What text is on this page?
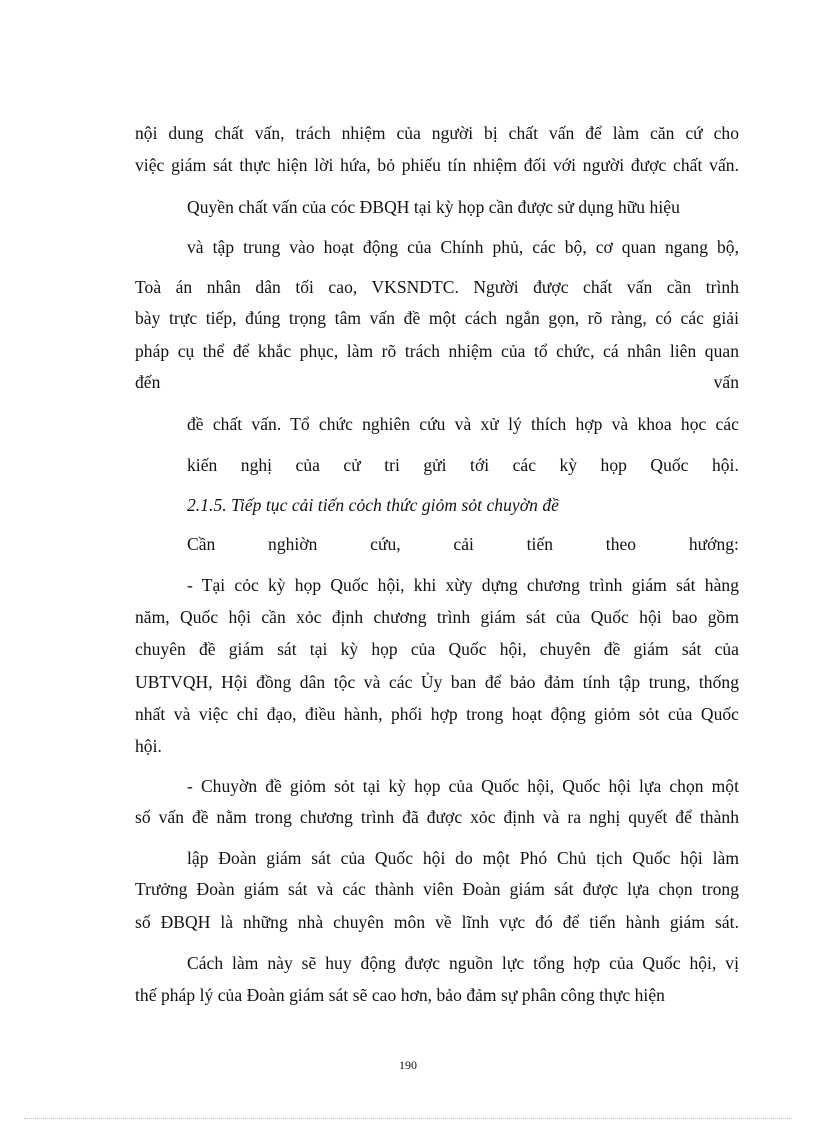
nội dung chất vấn, trách nhiệm của người bị chất vấn để làm căn cứ cho

việc giám sát thực hiện lời hứa, bỏ phiếu tín nhiệm đối với người được chất vấn.

Quyền chất vấn của cóc ĐBQH tại kỳ họp cần được sử dụng hữu hiệu

và tập trung vào hoạt động của Chính phủ, các bộ, cơ quan ngang bộ,

Toà án nhân dân tối cao, VKSNDTC. Người được chất vấn cần trình

bày trực tiếp, đúng trọng tâm vấn đề một cách ngắn gọn, rõ ràng, có các giải

pháp cụ thể để khắc phục, làm rõ trách nhiệm của tổ chức, cá nhân liên quan

đến	vấn

đề chất vấn. Tổ chức nghiên cứu và xử lý thích hợp và khoa học các

kiến nghị của cử tri gửi tới các kỳ họp Quốc hội.

2.1.5. Tiếp tục cải tiến cỏch thức giỏm sỏt chuyờn đề

Cần	nghiờn	cứu,	cải	tiến	theo	hướng:

- Tại cỏc kỳ họp Quốc hội, khi xừy dựng chương trình giám sát hàng

năm, Quốc hội cần xỏc định chương trình giám sát của Quốc hội bao gồm

chuyên đề giám sát tại kỳ họp của Quốc hội, chuyên đề giám sát của

UBTVQH, Hội đồng dân tộc và các Ủy ban để bảo đảm tính tập trung, thống

nhất và việc chỉ đạo, điều hành, phối hợp trong hoạt động giỏm sỏt của Quốc

hội.

- Chuyờn đề giỏm sỏt tại kỳ họp của Quốc hội, Quốc hội lựa chọn một

số vấn đề nằm trong chương trình đã được xỏc định và ra nghị quyết để thành

lập Đoàn giám sát của Quốc hội do một Phó Chủ tịch Quốc hội làm

Trưởng Đoàn giám sát và các thành viên Đoàn giám sát được lựa chọn trong

số ĐBQH là những nhà chuyên môn về lĩnh vực đó để tiến hành giám sát.

Cách làm này sẽ huy động được nguồn lực tổng hợp của Quốc hội, vị

thế pháp lý của Đoàn giám sát sẽ cao hơn, bảo đảm sự phân công thực hiện

190
